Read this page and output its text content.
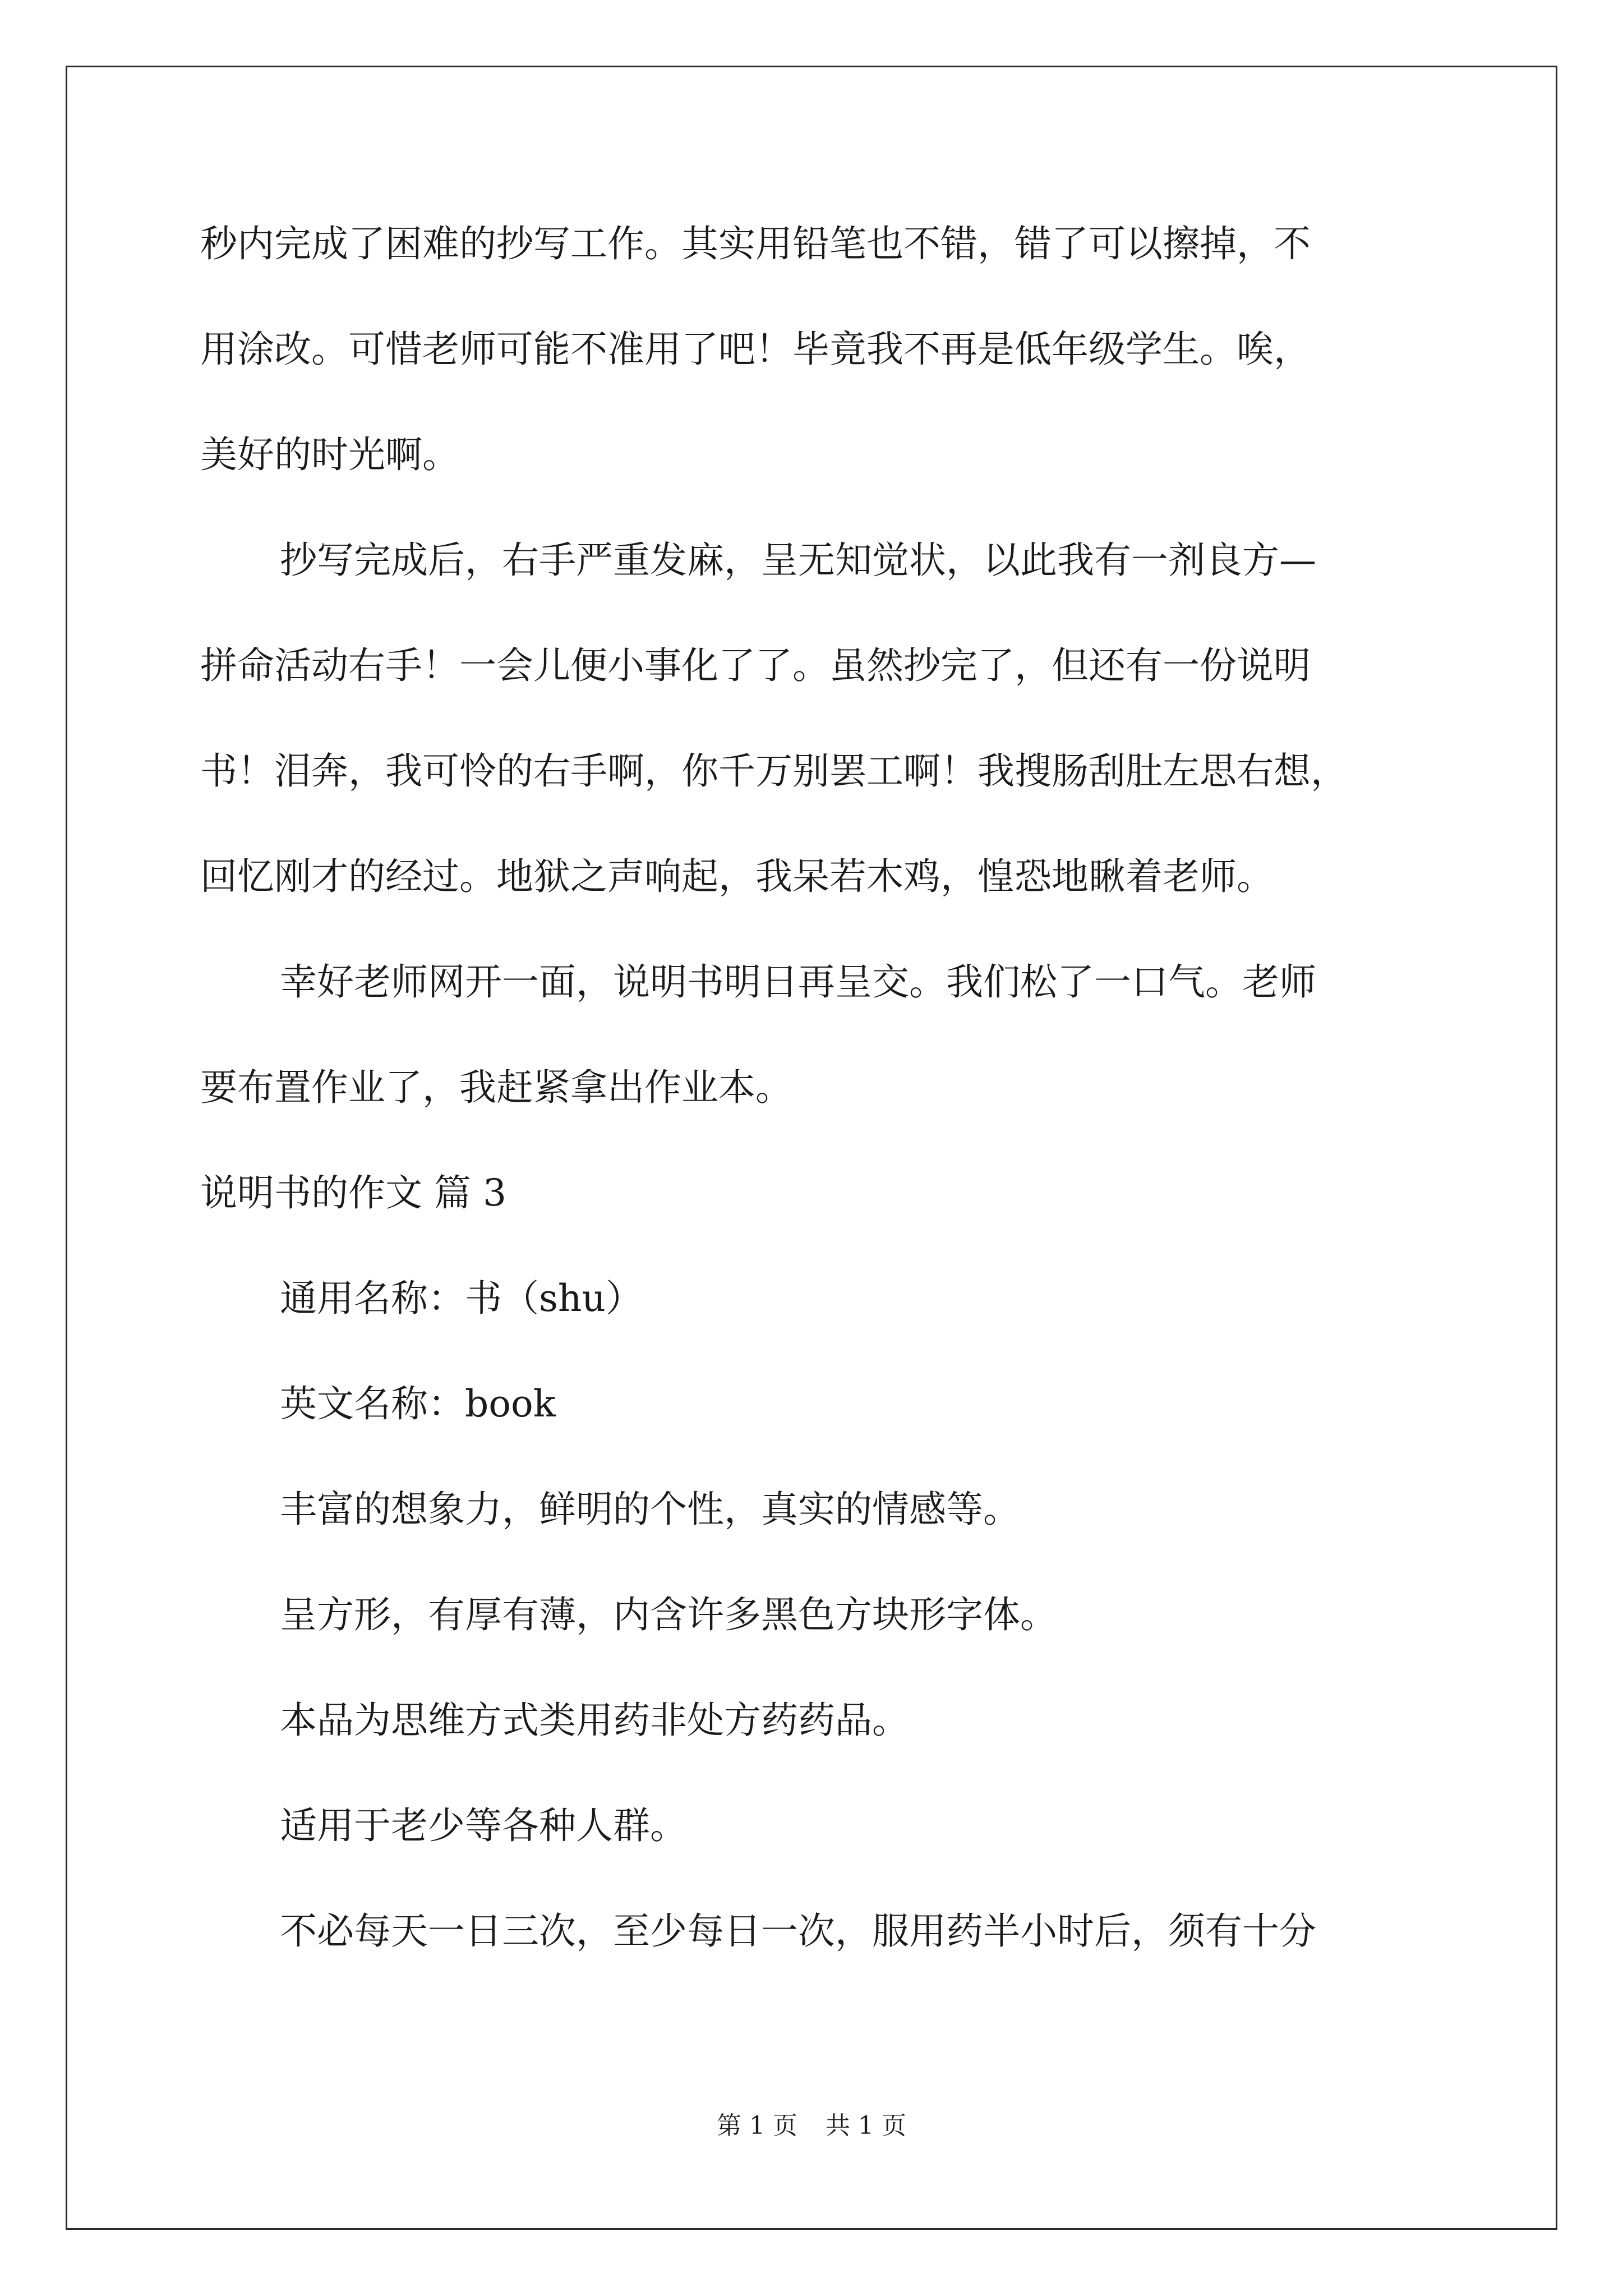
秒内完成了困难的抄写工作。其实用铅笔也不错，错了可以擦掉，不
用涂改。可惜老师可能不准用了吧！毕竟我不再是低年级学生。唉，
美好的时光啊。
抄写完成后，右手严重发麻，呈无知觉状，以此我有一剂良方—
拼命活动右手！一会儿便小事化了了。虽然抄完了，但还有一份说明
书！泪奔，我可怜的右手啊，你千万别罢工啊！我搜肠刮肚左思右想，
回忆刚才的经过。地狱之声响起，我呆若木鸡，惶恐地瞅着老师。
幸好老师网开一面，说明书明日再呈交。我们松了一口气。老师
要布置作业了，我赶紧拿出作业本。
说明书的作文 篇 3
通用名称：书（shu）
英文名称：book
丰富的想象力，鲜明的个性，真实的情感等。
呈方形，有厚有薄，内含许多黑色方块形字体。
本品为思维方式类用药非处方药药品。
适用于老少等各种人群。
不必每天一日三次，至少每日一次，服用药半小时后，须有十分
第 1 页 共 1 页
